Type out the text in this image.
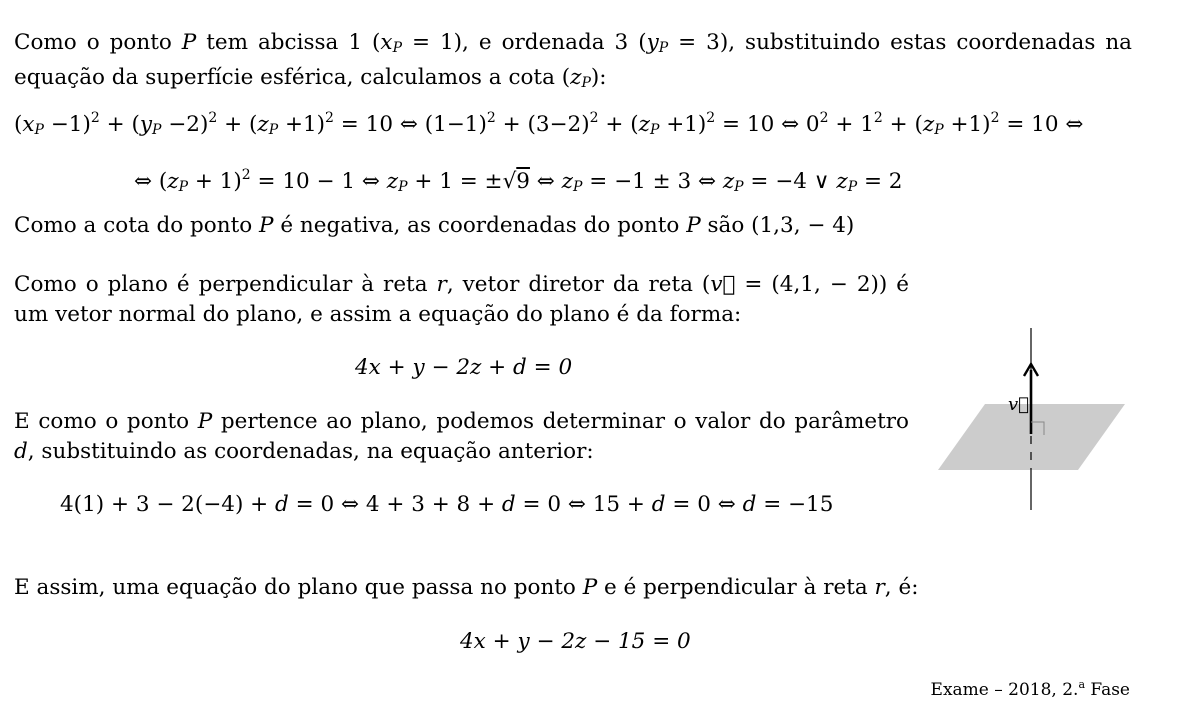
Como o ponto P tem abcissa 1 $(x_P = 1)$, e ordenada 3 $(y_P = 3)$, substituindo estas coordenadas na equação da superfície esférica, calculamos a cota $(z_P)$:

$(x_P -1)^2 + (y_P -2)^2 + (z_P +1)^2 = 10$ ⇔ $(1-1)^2 + (3-2)^2 + (z_P +1)^2 = 10$ ⇔ $0^2 + 1^2 + (z_P +1)^2 = 10$ ⇔
⇔ $(z_P + 1)^2 = 10 - 1$ ⇔ $z_P + 1 = \pm√9$ ⇔ $z_P = -1 \pm 3$ ⇔ $z_P = -4$ ∨ $z_P = 2$

Como a cota do ponto P é negativa, as coordenadas do ponto P são (1,3, − 4)

Como o plano é perpendicular à reta r, vetor diretor da reta (v⃗ = (4,1, − 2)) é um vetor normal do plano, e assim a equação do plano é da forma:

4x + y − 2z + d = 0

E como o ponto P pertence ao plano, podemos determinar o valor do parâmetro d, substituindo as coordenadas, na equação anterior:

4(1) + 3 − 2(−4) + d = 0 ⇔ 4 + 3 + 8 + d = 0 ⇔ 15 + d = 0 ⇔ d = −15

E assim, uma equação do plano que passa no ponto P e é perpendicular à reta r, é:

4x + y − 2z − 15 = 0
v⃗
Exame – 2018, 2.$^a$ Fase
